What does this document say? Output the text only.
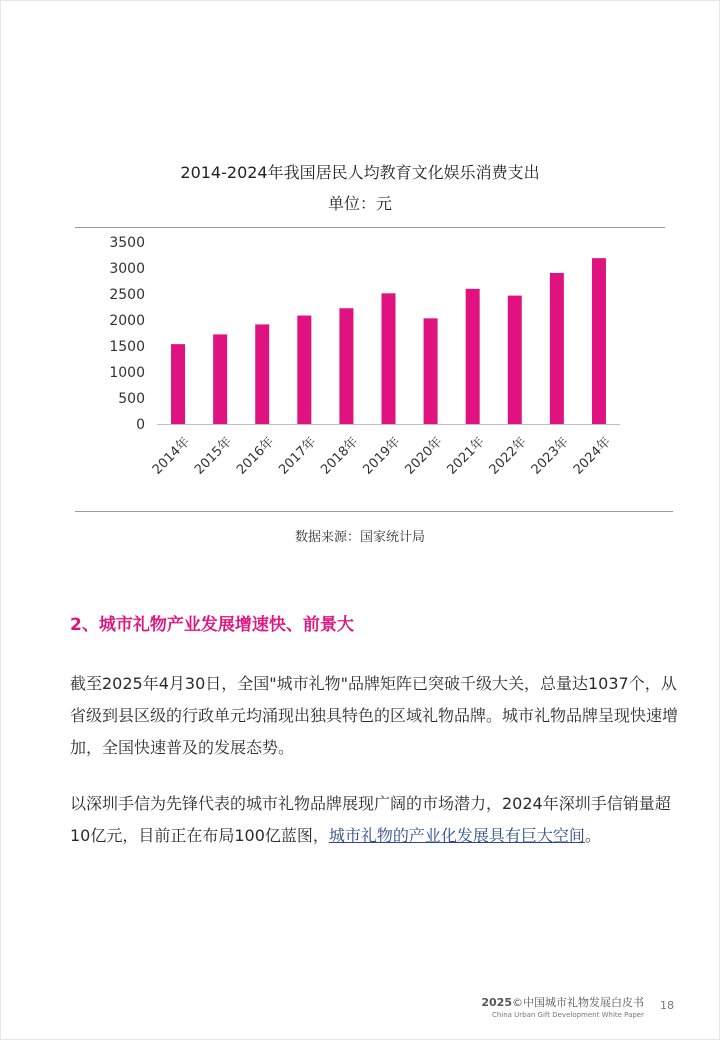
2014-2024年我国居民人均教育文化娱乐消费支出
单位：元
0
500
1000
1500
2000
2500
3000
3500
2014年
2015年
2016年
2017年
2018年
2019年
2020年
2021年
2022年
2023年
2024年
数据来源：国家统计局
2、城市礼物产业发展增速快、前景大
截至2025年4月30日，全国"城市礼物"品牌矩阵已突破千级大关，总量达1037个，从省级到县区级的行政单元均涌现出独具特色的区域礼物品牌。城市礼物品牌呈现快速增加，全国快速普及的发展态势。
以深圳手信为先锋代表的城市礼物品牌展现广阔的市场潜力，2024年深圳手信销量超10亿元，目前正在布局100亿蓝图，城市礼物的产业化发展具有巨大空间。
2025©中国城市礼物发展白皮书
China Urban Gift Development White Paper
18
